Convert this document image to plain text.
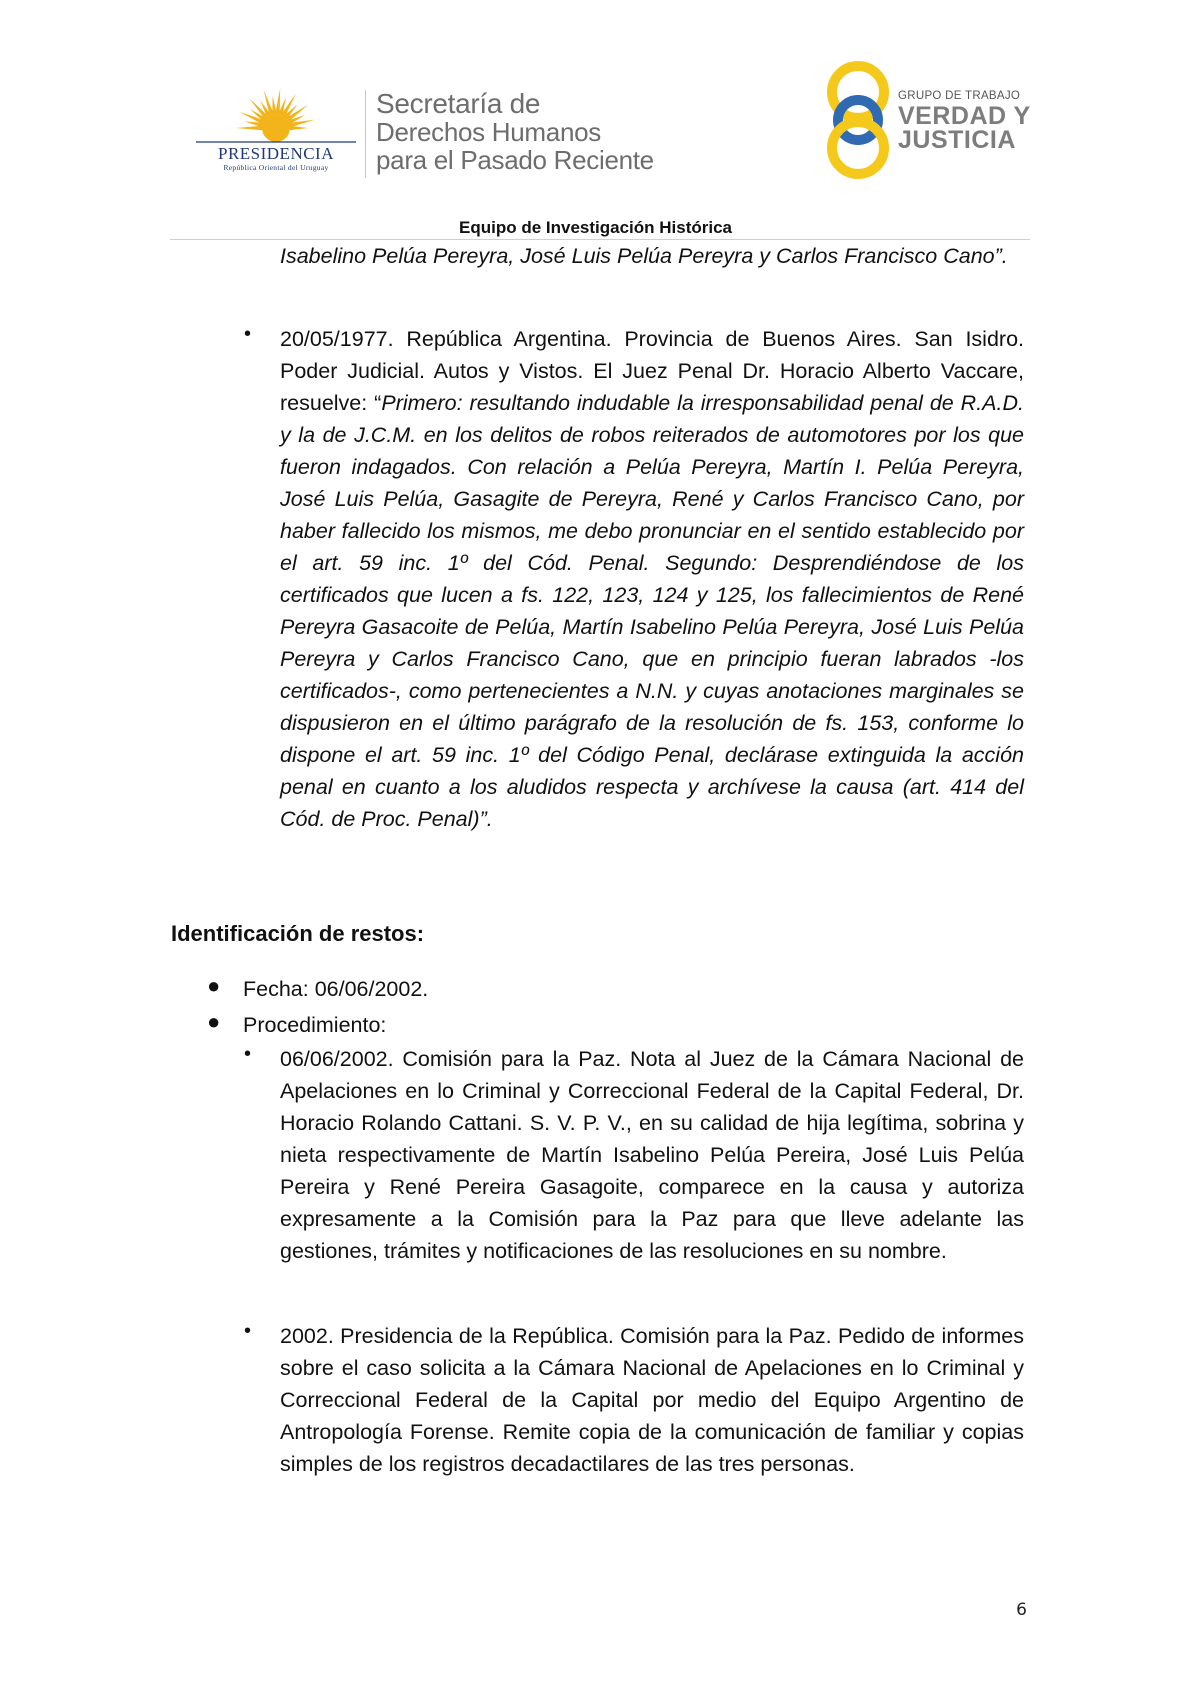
PRESIDENCIA
República Oriental del Uruguay
Secretaría de
Derechos Humanos
para el Pasado Reciente
GRUPO DE TRABAJO
VERDAD Y
JUSTICIA
Equipo de Investigación Histórica
Isabelino Pelúa Pereyra, José Luis Pelúa Pereyra y Carlos Francisco Cano”.
• 20/05/1977. República Argentina. Provincia de Buenos Aires. San Isidro. Poder Judicial. Autos y Vistos. El Juez Penal Dr. Horacio Alberto Vaccare, resuelve: “Primero: resultando indudable la irresponsabilidad penal de R.A.D. y la de J.C.M. en los delitos de robos reiterados de automotores por los que fueron indagados. Con relación a Pelúa Pereyra, Martín I. Pelúa Pereyra, José Luis Pelúa, Gasagite de Pereyra, René y Carlos Francisco Cano, por haber fallecido los mismos, me debo pronunciar en el sentido establecido por el art. 59 inc. 1º del Cód. Penal. Segundo: Desprendiéndose de los certificados que lucen a fs. 122, 123, 124 y 125, los fallecimientos de René Pereyra Gasacoite de Pelúa, Martín Isabelino Pelúa Pereyra, José Luis Pelúa Pereyra y Carlos Francisco Cano, que en principio fueran labrados -los certificados-, como pertenecientes a N.N. y cuyas anotaciones marginales se dispusieron en el último parágrafo de la resolución de fs. 153, conforme lo dispone el art. 59 inc. 1º del Código Penal, declárase extinguida la acción penal en cuanto a los aludidos respecta y archívese la causa (art. 414 del Cód. de Proc. Penal)”.
Identificación de restos:
● Fecha: 06/06/2002.
● Procedimiento:
• 06/06/2002. Comisión para la Paz. Nota al Juez de la Cámara Nacional de Apelaciones en lo Criminal y Correccional Federal de la Capital Federal, Dr. Horacio Rolando Cattani. S. V. P. V., en su calidad de hija legítima, sobrina y nieta respectivamente de Martín Isabelino Pelúa Pereira, José Luis Pelúa Pereira y René Pereira Gasagoite, comparece en la causa y autoriza expresamente a la Comisión para la Paz para que lleve adelante las gestiones, trámites y notificaciones de las resoluciones en su nombre.
• 2002. Presidencia de la República. Comisión para la Paz. Pedido de informes sobre el caso solicita a la Cámara Nacional de Apelaciones en lo Criminal y Correccional Federal de la Capital por medio del Equipo Argentino de Antropología Forense. Remite copia de la comunicación de familiar y copias simples de los registros decadactilares de las tres personas.
6
